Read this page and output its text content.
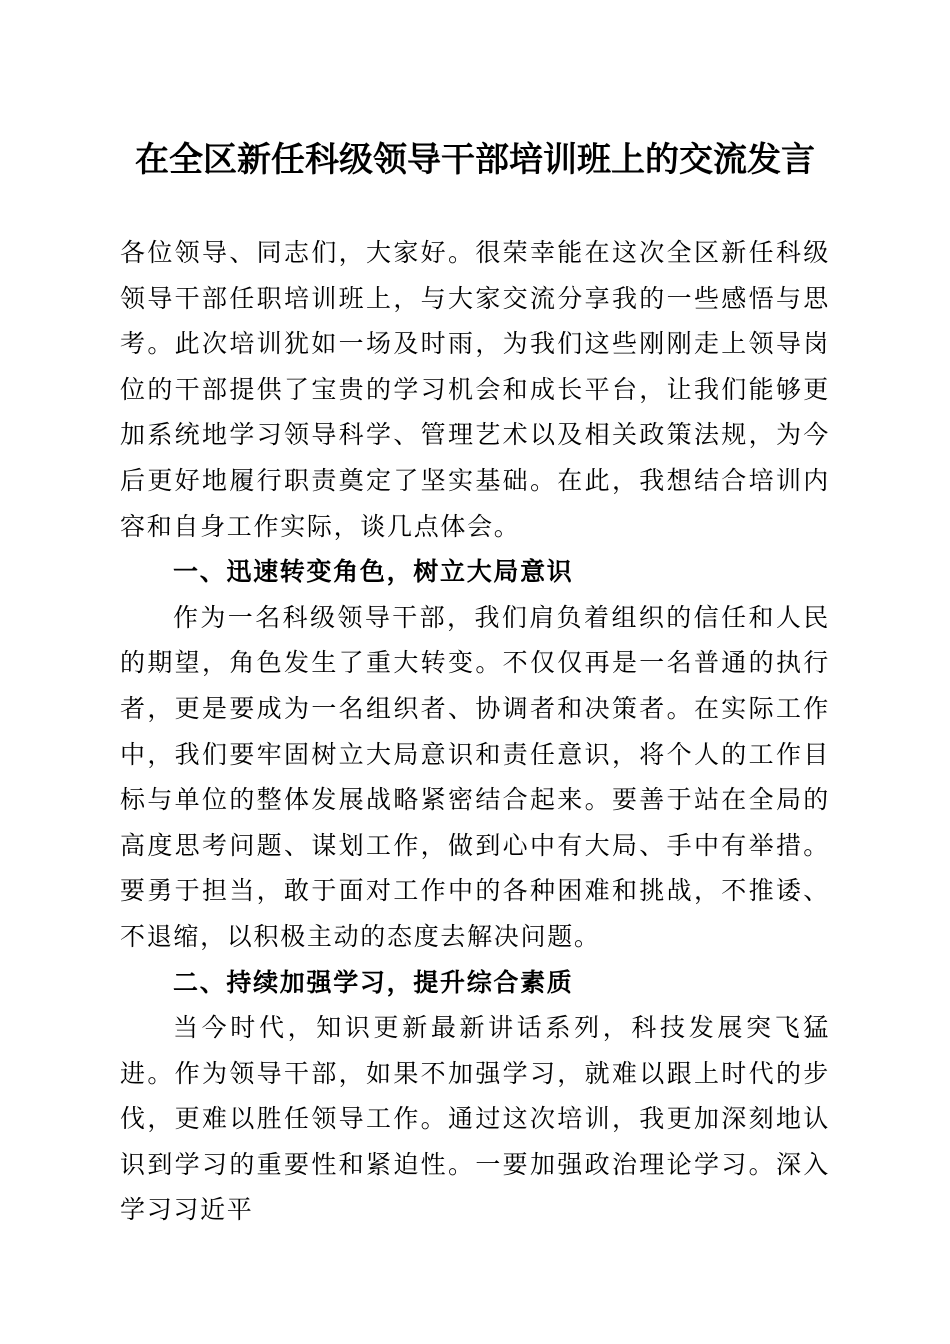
在全区新任科级领导干部培训班上的交流发言

各位领导、同志们，大家好。很荣幸能在这次全区新任科级领导干部任职培训班上，与大家交流分享我的一些感悟与思考。此次培训犹如一场及时雨，为我们这些刚刚走上领导岗位的干部提供了宝贵的学习机会和成长平台，让我们能够更加系统地学习领导科学、管理艺术以及相关政策法规，为今后更好地履行职责奠定了坚实基础。在此，我想结合培训内容和自身工作实际，谈几点体会。

一、迅速转变角色，树立大局意识

作为一名科级领导干部，我们肩负着组织的信任和人民的期望，角色发生了重大转变。不仅仅再是一名普通的执行者，更是要成为一名组织者、协调者和决策者。在实际工作中，我们要牢固树立大局意识和责任意识，将个人的工作目标与单位的整体发展战略紧密结合起来。要善于站在全局的高度思考问题、谋划工作，做到心中有大局、手中有举措。要勇于担当，敢于面对工作中的各种困难和挑战，不推诿、不退缩，以积极主动的态度去解决问题。

二、持续加强学习，提升综合素质

当今时代，知识更新最新讲话系列，科技发展突飞猛进。作为领导干部，如果不加强学习，就难以跟上时代的步伐，更难以胜任领导工作。通过这次培训，我更加深刻地认识到学习的重要性和紧迫性。一要加强政治理论学习。深入学习习近平
